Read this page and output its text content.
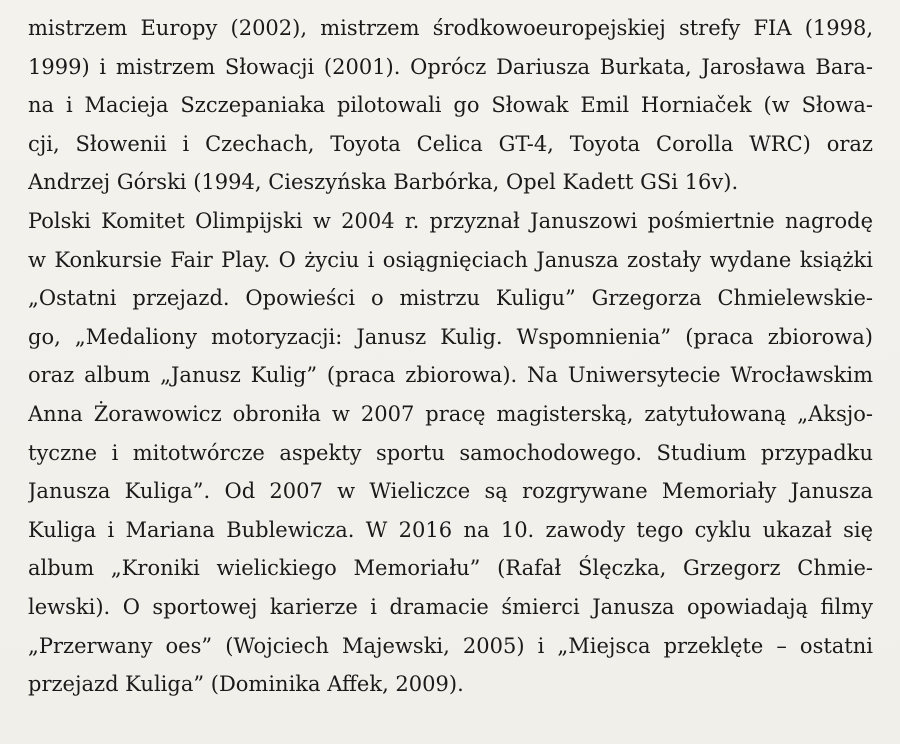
mistrzem Europy (2002), mistrzem środkowoeuropejskiej strefy FIA (1998,
1999) i mistrzem Słowacji (2001). Oprócz Dariusza Burkata, Jarosława Bara-
na i Macieja Szczepaniaka pilotowali go Słowak Emil Horniaček (w Słowa-
cji, Słowenii i Czechach, Toyota Celica GT-4, Toyota Corolla WRC) oraz
Andrzej Górski (1994, Cieszyńska Barbórka, Opel Kadett GSi 16v).
Polski Komitet Olimpijski w 2004 r. przyznał Januszowi pośmiertnie nagrodę
w Konkursie Fair Play. O życiu i osiągnięciach Janusza zostały wydane książki
„Ostatni przejazd. Opowieści o mistrzu Kuligu” Grzegorza Chmielewskie-
go, „Medaliony motoryzacji: Janusz Kulig. Wspomnienia” (praca zbiorowa)
oraz album „Janusz Kulig” (praca zbiorowa). Na Uniwersytecie Wrocławskim
Anna Żorawowicz obroniła w 2007 pracę magisterską, zatytułowaną „Aksjo-
tyczne i mitotwórcze aspekty sportu samochodowego. Studium przypadku
Janusza Kuliga”. Od 2007 w Wieliczce są rozgrywane Memoriały Janusza
Kuliga i Mariana Bublewicza. W 2016 na 10. zawody tego cyklu ukazał się
album „Kroniki wielickiego Memoriału” (Rafał Ślęczka, Grzegorz Chmie-
lewski). O sportowej karierze i dramacie śmierci Janusza opowiadają filmy
„Przerwany oes” (Wojciech Majewski, 2005) i „Miejsca przeklęte – ostatni
przejazd Kuliga” (Dominika Affek, 2009).
